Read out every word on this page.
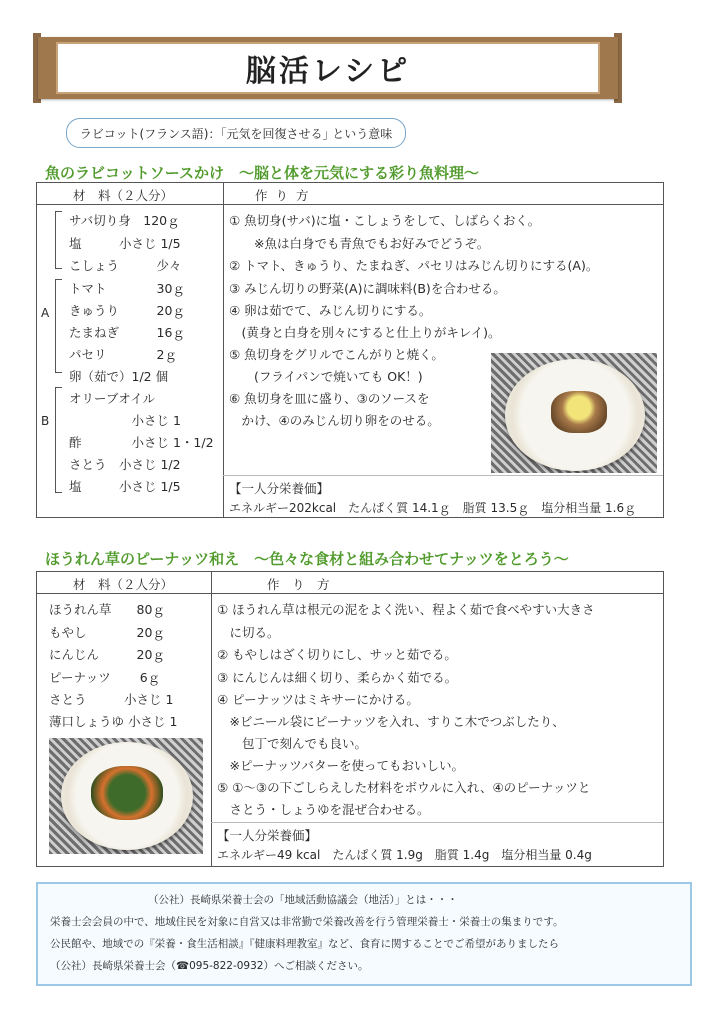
脳活レシピ
ラビコット(フランス語)：｢元気を回復させる｣ という意味
魚のラビコットソースかけ　～脳と体を元気にする彩り魚料理～
材　料（２人分）	作 り 方
A
B
サバ切り身　120ｇ
塩　　　小さじ 1/5
こしょう　　　少々
トマト　　　　30ｇ
きゅうり　　　20ｇ
たまねぎ　　　16ｇ
パセリ　　　　2ｇ
卵（茹で）1/2 個
オリーブオイル
　　　　　小さじ 1
酢　　　　小さじ 1・1/2
さとう　小さじ 1/2
塩　　　小さじ 1/5
① 魚切身(サバ)に塩・こしょうをして、しばらくおく。
　　※魚は白身でも青魚でもお好みでどうぞ。
② トマト、きゅうり、たまねぎ、パセリはみじん切りにする(A)。
③ みじん切りの野菜(A)に調味料(B)を合わせる。
④ 卵は茹でて、みじん切りにする。
　(黄身と白身を別々にすると仕上りがキレイ)。
⑤ 魚切身をグリルでこんがりと焼く。
　　(フライパンで焼いても OK！)
⑥ 魚切身を皿に盛り、③のソースを
　かけ、④のみじん切り卵をのせる。
【一人分栄養価】
エネルギー202kcal　たんぱく質 14.1ｇ　脂質 13.5ｇ　塩分相当量 1.6ｇ
ほうれん草のピーナッツ和え　～色々な食材と組み合わせてナッツをとろう～
材　料（２人分）	作　り　方
ほうれん草　　80ｇ
もやし　　　　20ｇ
にんじん　　　20ｇ
ピーナッツ　　 6ｇ
さとう　　　小さじ 1
薄口しょうゆ 小さじ 1
① ほうれん草は根元の泥をよく洗い、程よく茹で食べやすい大きさ
　に切る。
② もやしはざく切りにし、サッと茹でる。
③ にんじんは細く切り、柔らかく茹でる。
④ ピーナッツはミキサーにかける。
　※ビニール袋にピーナッツを入れ、すりこ木でつぶしたり、
　　包丁で刻んでも良い。
　※ピーナッツバターを使ってもおいしい。
⑤ ①～③の下ごしらえした材料をボウルに入れ、④のピーナッツと
　さとう・しょうゆを混ぜ合わせる。
【一人分栄養価】
エネルギー49 kcal　たんぱく質 1.9g　脂質 1.4g　塩分相当量 0.4g
（公社）長崎県栄養士会の「地域活動協議会（地活）」とは・・・
栄養士会会員の中で、地域住民を対象に自営又は非常勤で栄養改善を行う管理栄養士・栄養士の集まりです。
公民館や、地域での『栄養・食生活相談』『健康料理教室』など、食育に関することでご希望がありましたら
（公社）長崎県栄養士会（☎095-822-0932）へご相談ください。
